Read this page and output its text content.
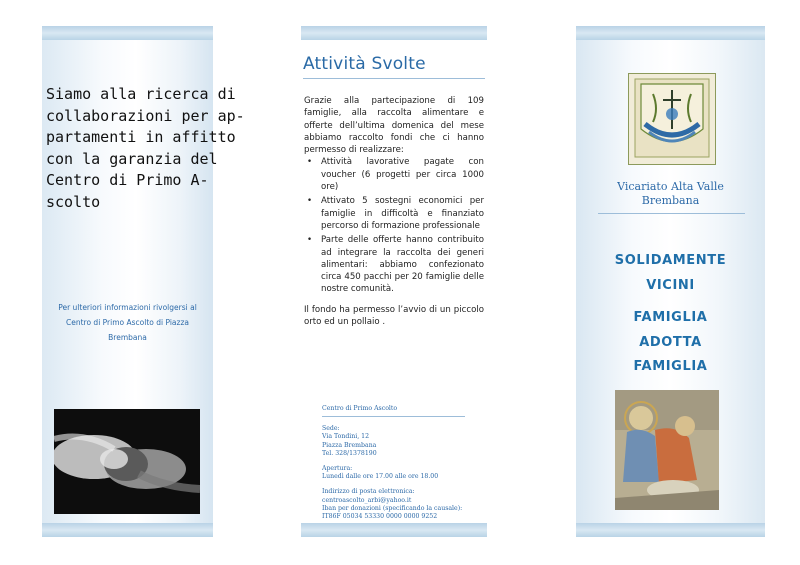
Siamo alla ricerca di
collaborazioni per ap-
partamenti in affitto
con la garanzia del
Centro di Primo A-
scolto
Per ulteriori informazioni rivolgersi al
Centro di Primo Ascolto di Piazza
Brembana
Attività Svolte

Grazie alla partecipazione di 109 famiglie, alla raccolta alimentare e offerte dell’ultima domenica del mese abbiamo raccolto fondi che ci hanno permesso di realizzare:

• Attività lavorative pagate con voucher (6 progetti per circa 1000 ore)
• Attivato 5 sostegni economici per famiglie in difficoltà e finanziato percorso di formazione professionale
• Parte delle offerte hanno contribuito ad integrare la raccolta dei generi alimentari: abbiamo confezionato circa 450 pacchi per 20 famiglie delle nostre comunità.

Il fondo ha permesso l’avvio di un piccolo orto ed un pollaio .

Centro di Primo Ascolto
Sede:
Via Tondini, 12
Piazza Brembana
Tel. 328/1378190
Apertura:
Lunedì dalle ore 17.00 alle ore 18.00
Indirizzo di posta elettronica:
centroascolto_arbi@yahoo.it
Iban per donazioni (specificando la causale):
IT86F 05034 53330 0000 0000 9252
Vicariato Alta Valle
Brembana
SOLIDAMENTE
VICINI
FAMIGLIA
ADOTTA
FAMIGLIA
